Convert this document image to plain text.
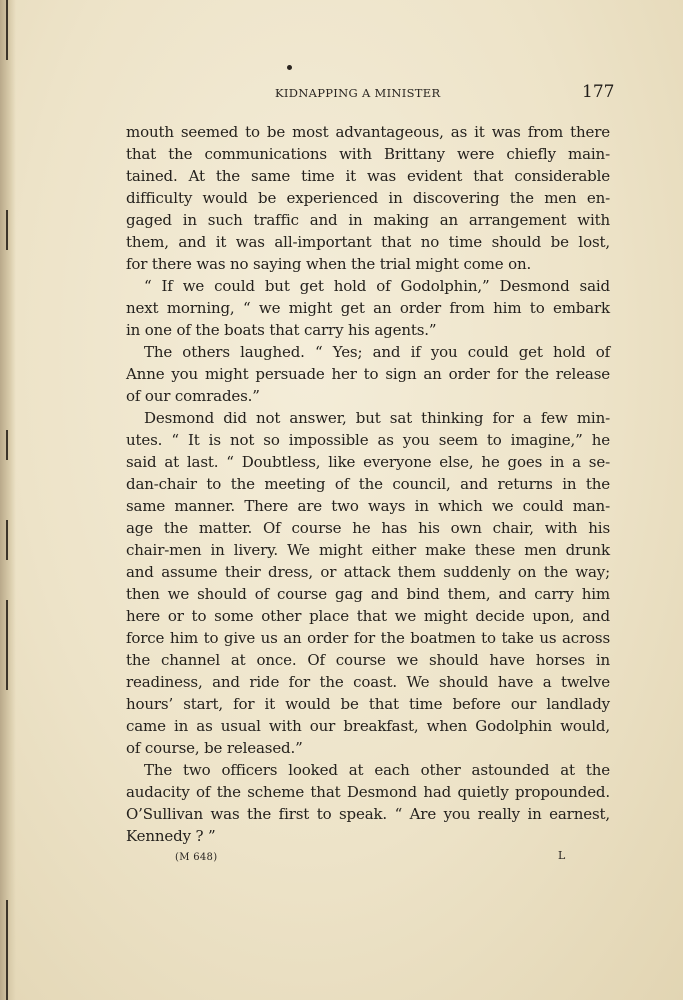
KIDNAPPING A MINISTER	177
mouth seemed to be most advantageous, as it was from there
that the communications with Brittany were chiefly main-
tained. At the same time it was evident that considerable
difficulty would be experienced in discovering the men en-
gaged in such traffic and in making an arrangement with
them, and it was all-important that no time should be lost,
for there was no saying when the trial might come on.
“ If we could but get hold of Godolphin,” Desmond said
next morning, “ we might get an order from him to embark
in one of the boats that carry his agents.”
The others laughed. “ Yes; and if you could get hold of
Anne you might persuade her to sign an order for the release
of our comrades.”
Desmond did not answer, but sat thinking for a few min-
utes. “ It is not so impossible as you seem to imagine,” he
said at last. “ Doubtless, like everyone else, he goes in a se-
dan-chair to the meeting of the council, and returns in the
same manner. There are two ways in which we could man-
age the matter. Of course he has his own chair, with his
chair-men in livery. We might either make these men drunk
and assume their dress, or attack them suddenly on the way;
then we should of course gag and bind them, and carry him
here or to some other place that we might decide upon, and
force him to give us an order for the boatmen to take us across
the channel at once. Of course we should have horses in
readiness, and ride for the coast. We should have a twelve
hours’ start, for it would be that time before our landlady
came in as usual with our breakfast, when Godolphin would,
of course, be released.”
The two officers looked at each other astounded at the
audacity of the scheme that Desmond had quietly propounded.
O’Sullivan was the first to speak. “ Are you really in earnest,
Kennedy ? ”
(M 648)	L
